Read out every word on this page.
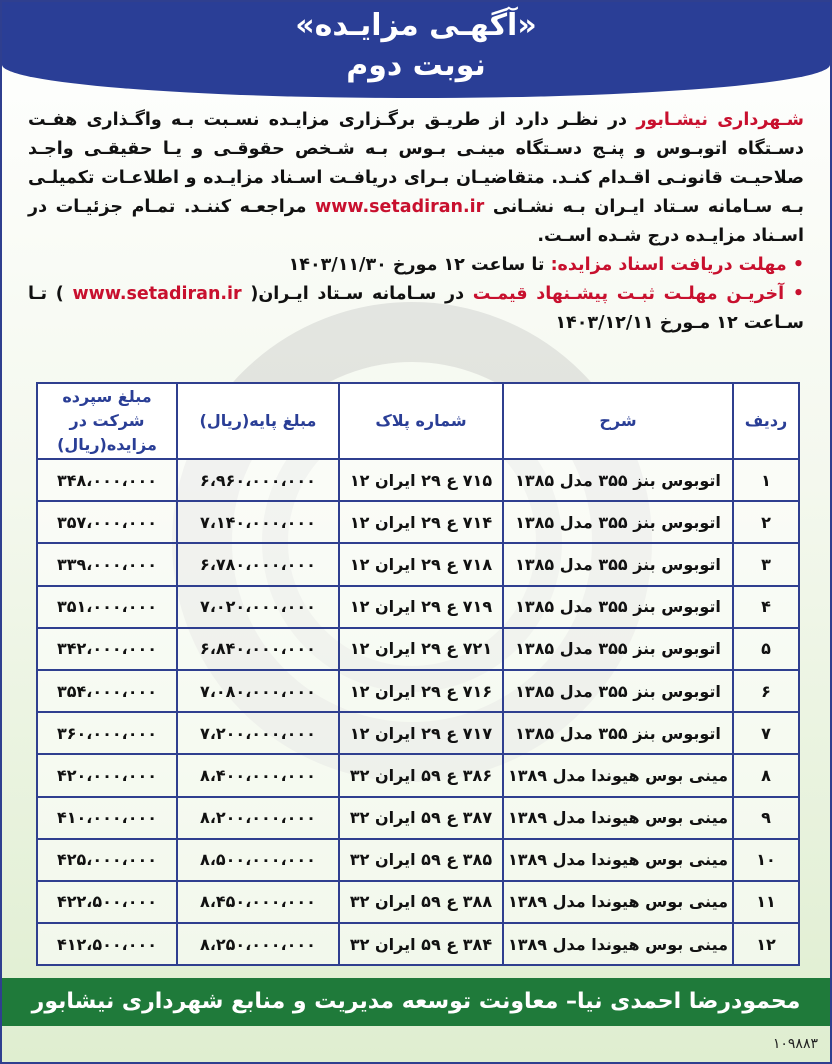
«آگهـی مزایـده»
نوبت دوم

شـهرداری نیشـابور در نظـر دارد از طریـق برگـزاری مزایـده نسـبت بـه واگـذاری هفـت دسـتگاه اتوبـوس و پنـج دسـتگاه مینـی بـوس بـه شـخص حقوقـی و یـا حقیقـی واجـد صلاحیـت قانونـی اقـدام کنـد. متقاضیـان بـرای دریافـت اسـناد مزایـده و اطلاعـات تکمیلـی بـه سـامانه سـتاد ایـران بـه نشـانی www.setadiran.ir مراجعـه کننـد. تمـام جزئیـات در اسـناد مزایـده درج شـده اسـت.

• مهلت دریافت اسناد مزایده: تا ساعت ۱۲ مورخ ۱۴۰۳/۱۱/۳۰

• آخریـن مهلـت ثبـت پیشـنهاد قیمـت در سـامانه سـتاد ایـران( www.setadiran.ir ) تـا سـاعت ۱۲ مـورخ ۱۴۰۳/۱۲/۱۱

ردیف	شرح	شماره پلاک	مبلغ پایه(ریال)	مبلغ سپرده شرکت در مزایده(ریال)
۱	اتوبوس بنز ۳۵۵ مدل ۱۳۸۵	۷۱۵ ع ۲۹ ایران ۱۲	۶،۹۶۰،۰۰۰،۰۰۰	۳۴۸،۰۰۰،۰۰۰
۲	اتوبوس بنز ۳۵۵ مدل ۱۳۸۵	۷۱۴ ع ۲۹ ایران ۱۲	۷،۱۴۰،۰۰۰،۰۰۰	۳۵۷،۰۰۰،۰۰۰
۳	اتوبوس بنز ۳۵۵ مدل ۱۳۸۵	۷۱۸ ع ۲۹ ایران ۱۲	۶،۷۸۰،۰۰۰،۰۰۰	۳۳۹،۰۰۰،۰۰۰
۴	اتوبوس بنز ۳۵۵ مدل ۱۳۸۵	۷۱۹ ع ۲۹ ایران ۱۲	۷،۰۲۰،۰۰۰،۰۰۰	۳۵۱،۰۰۰،۰۰۰
۵	اتوبوس بنز ۳۵۵ مدل ۱۳۸۵	۷۲۱ ع ۲۹ ایران ۱۲	۶،۸۴۰،۰۰۰،۰۰۰	۳۴۲،۰۰۰،۰۰۰
۶	اتوبوس بنز ۳۵۵ مدل ۱۳۸۵	۷۱۶ ع ۲۹ ایران ۱۲	۷،۰۸۰،۰۰۰،۰۰۰	۳۵۴،۰۰۰،۰۰۰
۷	اتوبوس بنز ۳۵۵ مدل ۱۳۸۵	۷۱۷ ع ۲۹ ایران ۱۲	۷،۲۰۰،۰۰۰،۰۰۰	۳۶۰،۰۰۰،۰۰۰
۸	مینی بوس هیوندا مدل ۱۳۸۹	۳۸۶ ع ۵۹ ایران ۳۲	۸،۴۰۰،۰۰۰،۰۰۰	۴۲۰،۰۰۰،۰۰۰
۹	مینی بوس هیوندا مدل ۱۳۸۹	۳۸۷ ع ۵۹ ایران ۳۲	۸،۲۰۰،۰۰۰،۰۰۰	۴۱۰،۰۰۰،۰۰۰
۱۰	مینی بوس هیوندا مدل ۱۳۸۹	۳۸۵ ع ۵۹ ایران ۳۲	۸،۵۰۰،۰۰۰،۰۰۰	۴۲۵،۰۰۰،۰۰۰
۱۱	مینی بوس هیوندا مدل ۱۳۸۹	۳۸۸ ع ۵۹ ایران ۳۲	۸،۴۵۰،۰۰۰،۰۰۰	۴۲۲،۵۰۰،۰۰۰
۱۲	مینی بوس هیوندا مدل ۱۳۸۹	۳۸۴ ع ۵۹ ایران ۳۲	۸،۲۵۰،۰۰۰،۰۰۰	۴۱۲،۵۰۰،۰۰۰
محمودرضا احمدی نیا– معاونت توسعه مدیریت و منابع شهرداری نیشابور
۱۰۹۸۸۳
